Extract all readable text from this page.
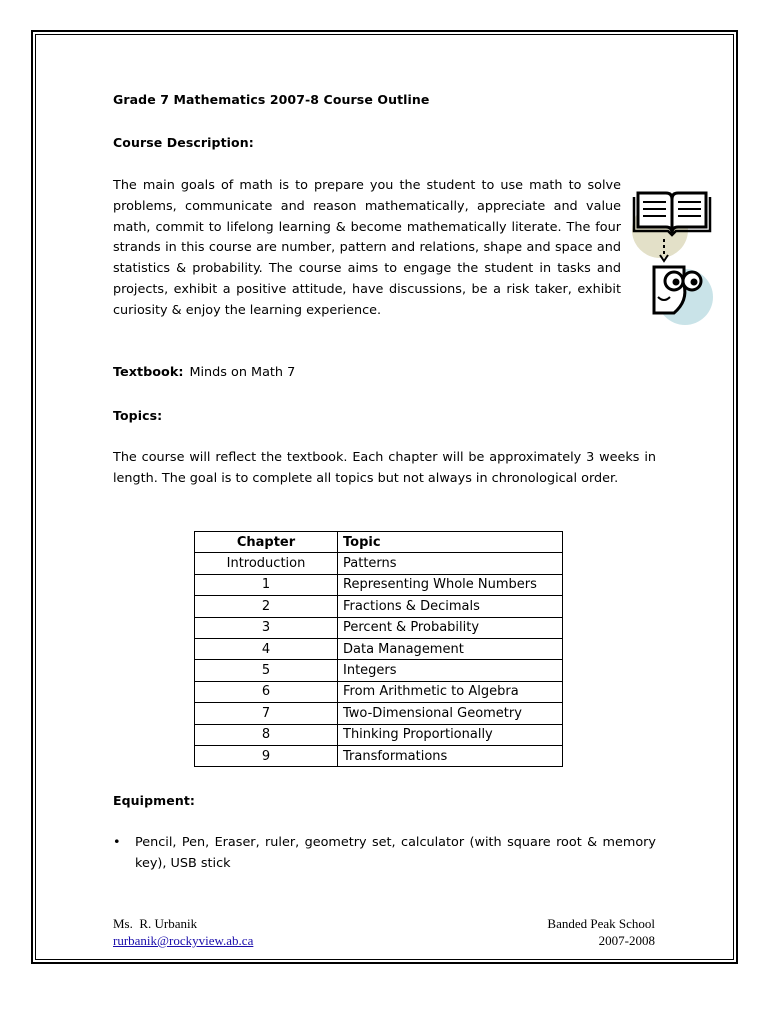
Grade 7 Mathematics 2007-8 Course Outline
Course Description:
The main goals of math is to prepare you the student to use math to solve problems, communicate and reason mathematically, appreciate and value math, commit to lifelong learning & become mathematically literate. The four strands in this course are number, pattern and relations, shape and space and statistics & probability. The course aims to engage the student in tasks and projects, exhibit a positive attitude, have discussions, be a risk taker, exhibit curiosity & enjoy the learning experience.
Textbook: Minds on Math 7
Topics:
The course will reflect the textbook. Each chapter will be approximately 3 weeks in length. The goal is to complete all topics but not always in chronological order.
Chapter	Topic
Introduction	Patterns
1	Representing Whole Numbers
2	Fractions & Decimals
3	Percent & Probability
4	Data Management
5	Integers
6	From Arithmetic to Algebra
7	Two-Dimensional Geometry
8	Thinking Proportionally
9	Transformations
Equipment:
• Pencil, Pen, Eraser, ruler, geometry set, calculator (with square root & memory key), USB stick
Ms.  R. Urbanik
rurbanik@rockyview.ab.ca
Banded Peak School
2007-2008
